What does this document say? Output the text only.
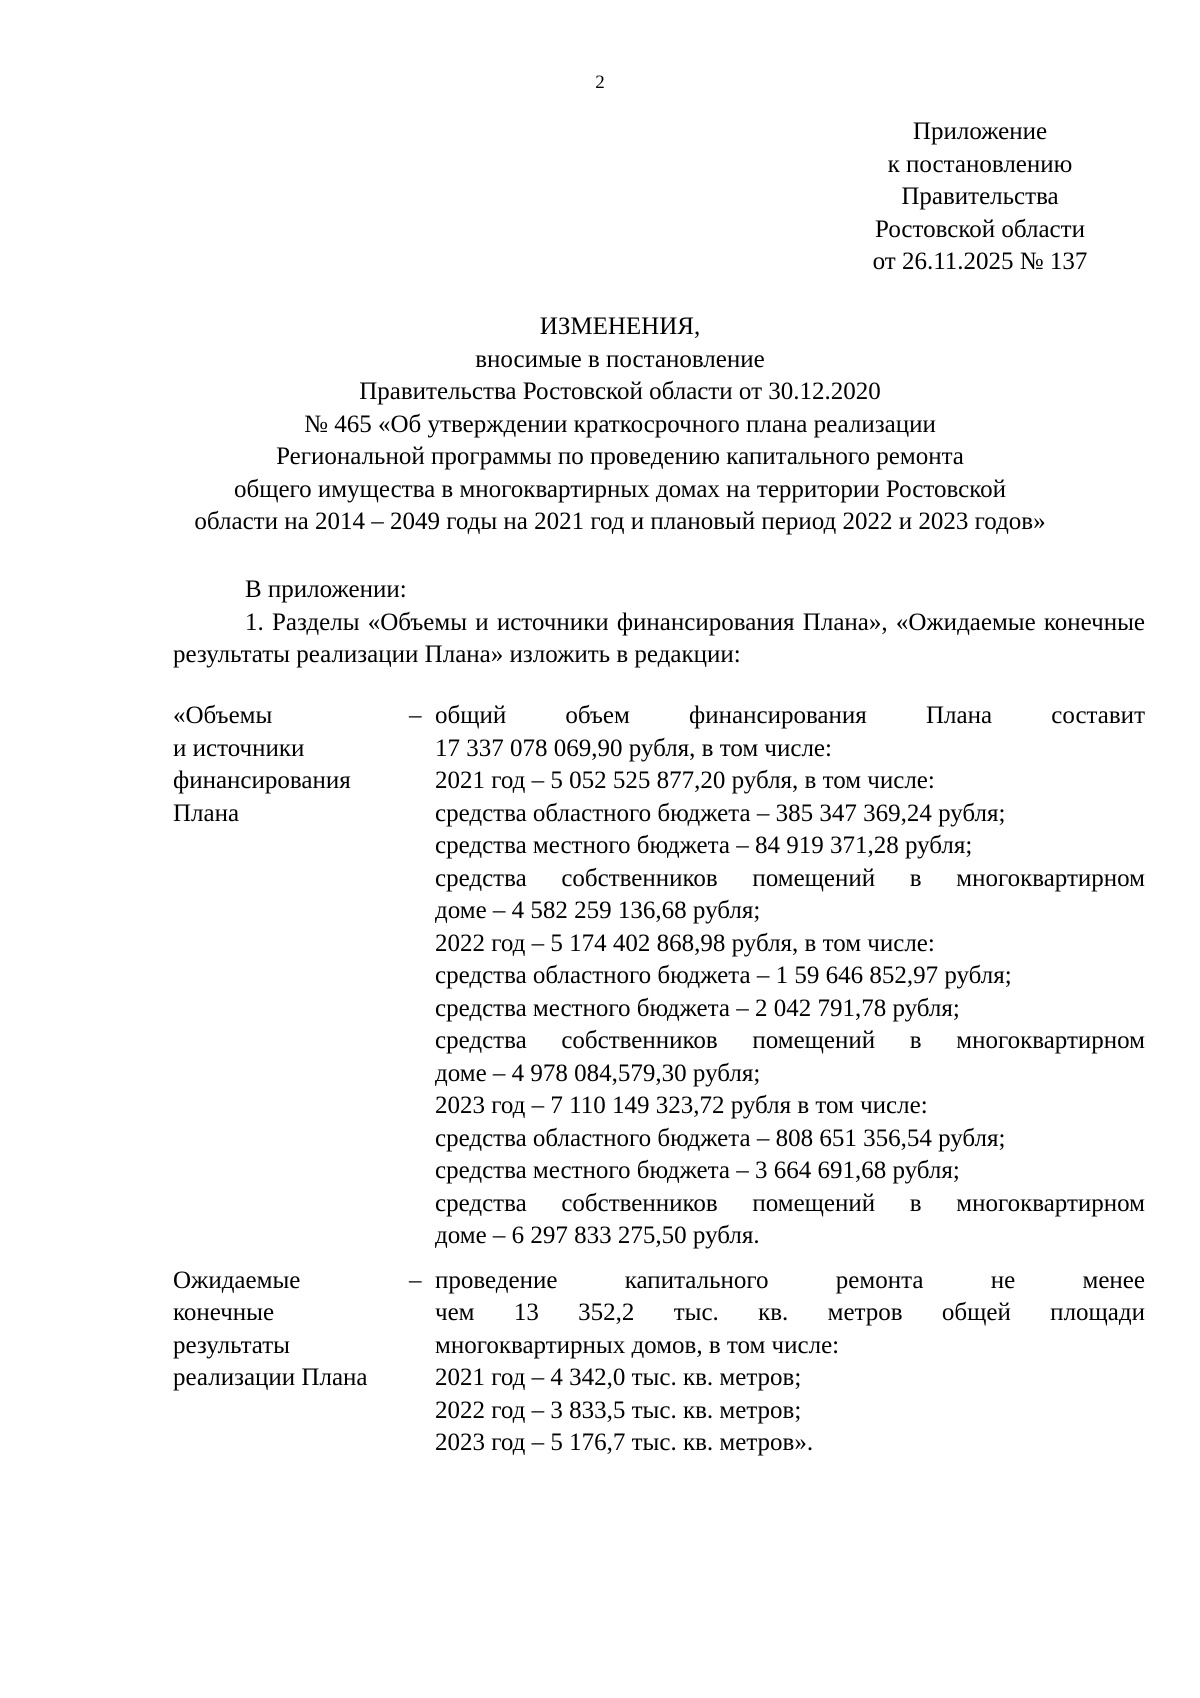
2
Приложение
к постановлению
Правительства
Ростовской области
от 26.11.2025 № 137
ИЗМЕНЕНИЯ,
вносимые в постановление
Правительства Ростовской области от 30.12.2020
№ 465 «Об утверждении краткосрочного плана реализации
Региональной программы по проведению капитального ремонта
общего имущества в многоквартирных домах на территории Ростовской
области на 2014 – 2049 годы на 2021 год и плановый период 2022 и 2023 годов»

В приложении:

1. Разделы «Объемы и источники финансирования Плана», «Ожидаемые конечные результаты реализации Плана» изложить в редакции:

«Объемы
и источники
финансирования
Плана
– общий объем финансирования Плана составит
17 337 078 069,90 рубля, в том числе:
2021 год – 5 052 525 877,20 рубля, в том числе:
средства областного бюджета – 385 347 369,24 рубля;
средства местного бюджета – 84 919 371,28 рубля;
средства собственников помещений в многоквартирном
доме – 4 582 259 136,68 рубля;
2022 год – 5 174 402 868,98 рубля, в том числе:
средства областного бюджета – 1 59 646 852,97 рубля;
средства местного бюджета – 2 042 791,78 рубля;
средства собственников помещений в многоквартирном
доме – 4 978 084,579,30 рубля;
2023 год – 7 110 149 323,72 рубля в том числе:
средства областного бюджета – 808 651 356,54 рубля;
средства местного бюджета – 3 664 691,68 рубля;
средства собственников помещений в многоквартирном
доме – 6 297 833 275,50 рубля.
Ожидаемые
конечные
результаты
реализации Плана
– проведение капитального ремонта не менее
чем 13 352,2 тыс. кв. метров общей площади
многоквартирных домов, в том числе:
2021 год – 4 342,0 тыс. кв. метров;
2022 год – 3 833,5 тыс. кв. метров;
2023 год – 5 176,7 тыс. кв. метров».
